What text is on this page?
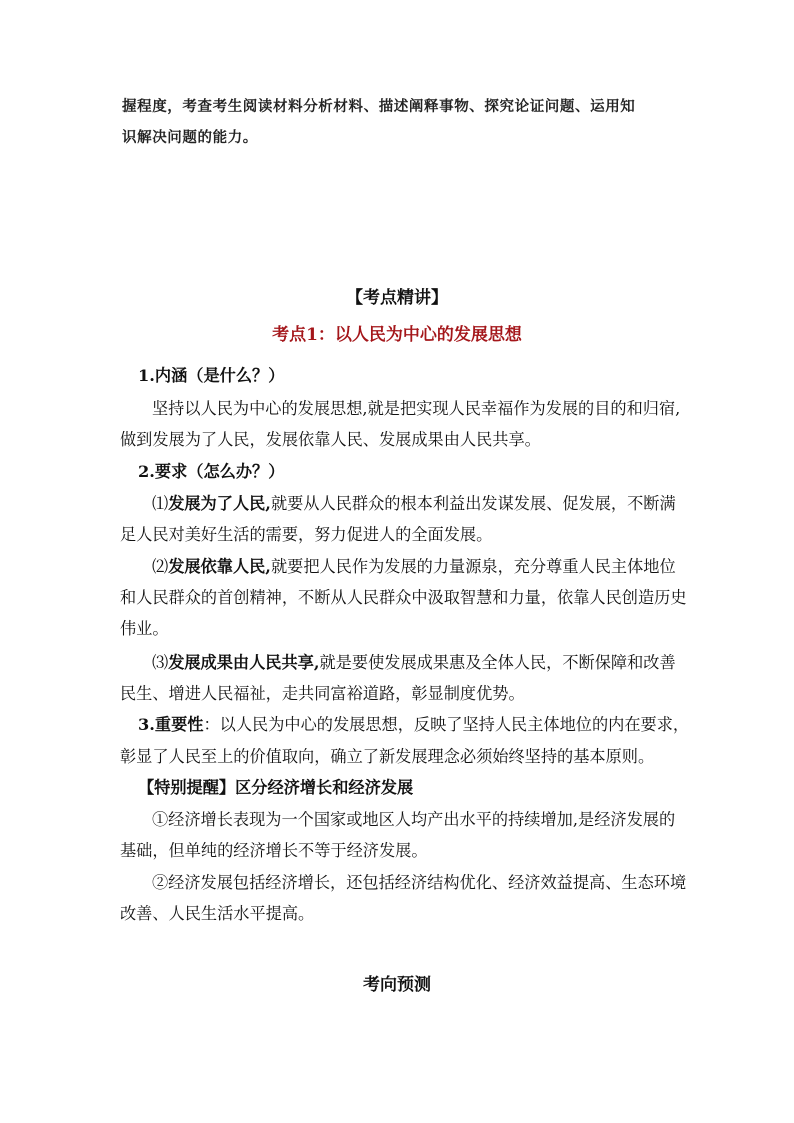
握程度，考查考生阅读材料分析材料、描述阐释事物、探究论证问题、运用知
识解决问题的能力。
【考点精讲】
考点1：以人民为中心的发展思想
1.内涵（是什么？）
坚持以人民为中心的发展思想,就是把实现人民幸福作为发展的目的和归宿,
做到发展为了人民，发展依靠人民、发展成果由人民共享。
2.要求（怎么办？）
⑴发展为了人民,就要从人民群众的根本利益出发谋发展、促发展，不断满
足人民对美好生活的需要，努力促进人的全面发展。
⑵发展依靠人民,就要把人民作为发展的力量源泉，充分尊重人民主体地位
和人民群众的首创精神，不断从人民群众中汲取智慧和力量，依靠人民创造历史
伟业。
⑶发展成果由人民共享,就是要使发展成果惠及全体人民，不断保障和改善
民生、增进人民福祉，走共同富裕道路，彰显制度优势。
3.重要性：以人民为中心的发展思想，反映了坚持人民主体地位的内在要求，
彰显了人民至上的价值取向，确立了新发展理念必须始终坚持的基本原则。
【特别提醒】区分经济增长和经济发展
①经济增长表现为一个国家或地区人均产出水平的持续增加,是经济发展的
基础，但单纯的经济增长不等于经济发展。
②经济发展包括经济增长，还包括经济结构优化、经济效益提高、生态环境
改善、人民生活水平提高。
考向预测
